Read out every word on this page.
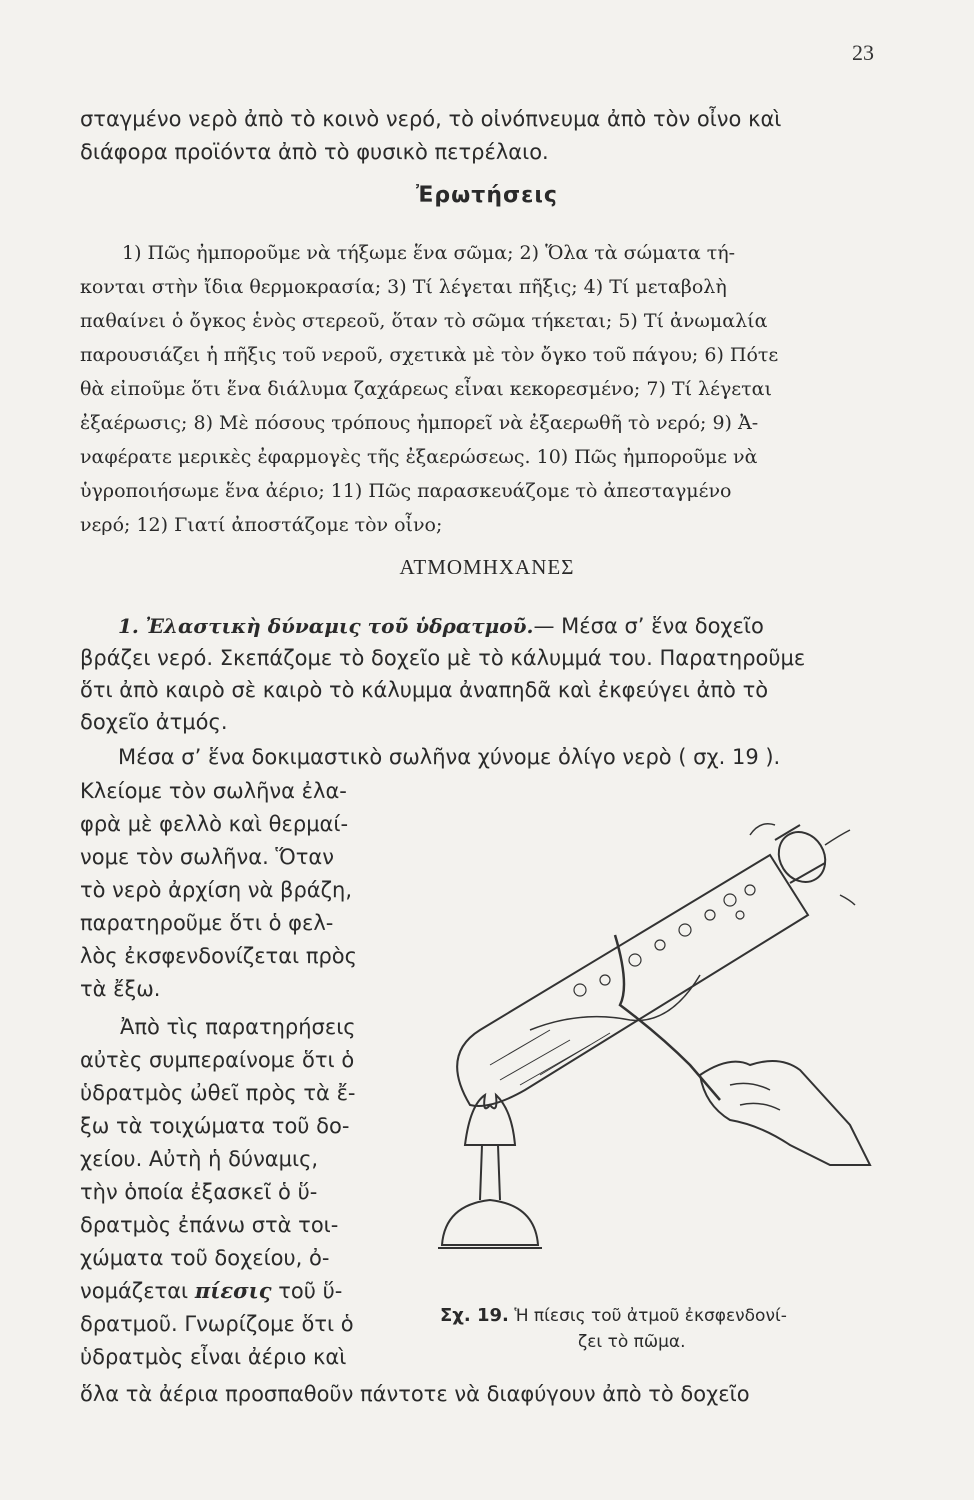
23
σταγμένο νερὸ ἀπὸ τὸ κοινὸ νερό, τὸ οἰνόπνευμα ἀπὸ τὸν οἶνο καὶ
διάφορα προϊόντα ἀπὸ τὸ φυσικὸ πετρέλαιο.
Ἐρωτήσεις
1) Πῶς ἠμποροῦμε νὰ τήξωμε ἕνα σῶμα; 2) Ὅλα τὰ σώματα τή-
κονται στὴν ἴδια θερμοκρασία; 3) Τί λέγεται πῆξις; 4) Τί μεταβολὴ
παθαίνει ὁ ὄγκος ἑνὸς στερεοῦ, ὅταν τὸ σῶμα τήκεται; 5) Τί ἀνωμαλία
παρουσιάζει ἡ πῆξις τοῦ νεροῦ, σχετικὰ μὲ τὸν ὄγκο τοῦ πάγου; 6) Πότε
θὰ εἰποῦμε ὅτι ἕνα διάλυμα ζαχάρεως εἶναι κεκορεσμένο; 7) Τί λέγεται
ἐξαέρωσις; 8) Μὲ πόσους τρόπους ἠμπορεῖ νὰ ἐξαερωθῆ τὸ νερό; 9) Ἀ-
ναφέρατε μερικὲς ἐφαρμογὲς τῆς ἐξαερώσεως. 10) Πῶς ἠμποροῦμε νὰ
ὑγροποιήσωμε ἕνα ἀέριο; 11) Πῶς παρασκευάζομε τὸ ἀπεσταγμένο
νερό; 12) Γιατί ἀποστάζομε τὸν οἶνο;
ΑΤΜΟΜΗΧΑΝΕΣ
1. Ἐλαστικὴ δύναμις τοῦ ὑδρατμοῦ.— Μέσα σ’ ἕνα δοχεῖο
βράζει νερό. Σκεπάζομε τὸ δοχεῖο μὲ τὸ κάλυμμά του. Παρατηροῦμε
ὅτι ἀπὸ καιρὸ σὲ καιρὸ τὸ κάλυμμα ἀναπηδᾶ καὶ ἐκφεύγει ἀπὸ τὸ
δοχεῖο ἀτμός.
Μέσα σ’ ἕνα δοκιμαστικὸ σωλῆνα χύνομε ὀλίγο νερὸ ( σχ. 19 ).
Κλείομε τὸν σωλῆνα ἐλα-
φρὰ μὲ φελλὸ καὶ θερμαί-
νομε τὸν σωλῆνα. Ὅταν
τὸ νερὸ ἀρχίση νὰ βράζη,
παρατηροῦμε ὅτι ὁ φελ-
λὸς ἐκσφενδονίζεται πρὸς
τὰ ἔξω.
Ἀπὸ τὶς παρατηρήσεις
αὐτὲς συμπεραίνομε ὅτι ὁ
ὑδρατμὸς ὠθεῖ πρὸς τὰ ἔ-
ξω τὰ τοιχώματα τοῦ δο-
χείου. Αὐτὴ ἡ δύναμις,
τὴν ὁποία ἐξασκεῖ ὁ ὕ-
δρατμὸς ἐπάνω στὰ τοι-
χώματα τοῦ δοχείου, ὀ-
νομάζεται πίεσις τοῦ ὕ-
δρατμοῦ. Γνωρίζομε ὅτι ὁ
ὑδρατμὸς εἶναι ἀέριο καὶ
ὅλα τὰ ἀέρια προσπαθοῦν πάντοτε νὰ διαφύγουν ἀπὸ τὸ δοχεῖο
Σχ. 19. Ἡ πίεσις τοῦ ἀτμοῦ ἐκσφενδονί-
ζει τὸ πῶμα.
